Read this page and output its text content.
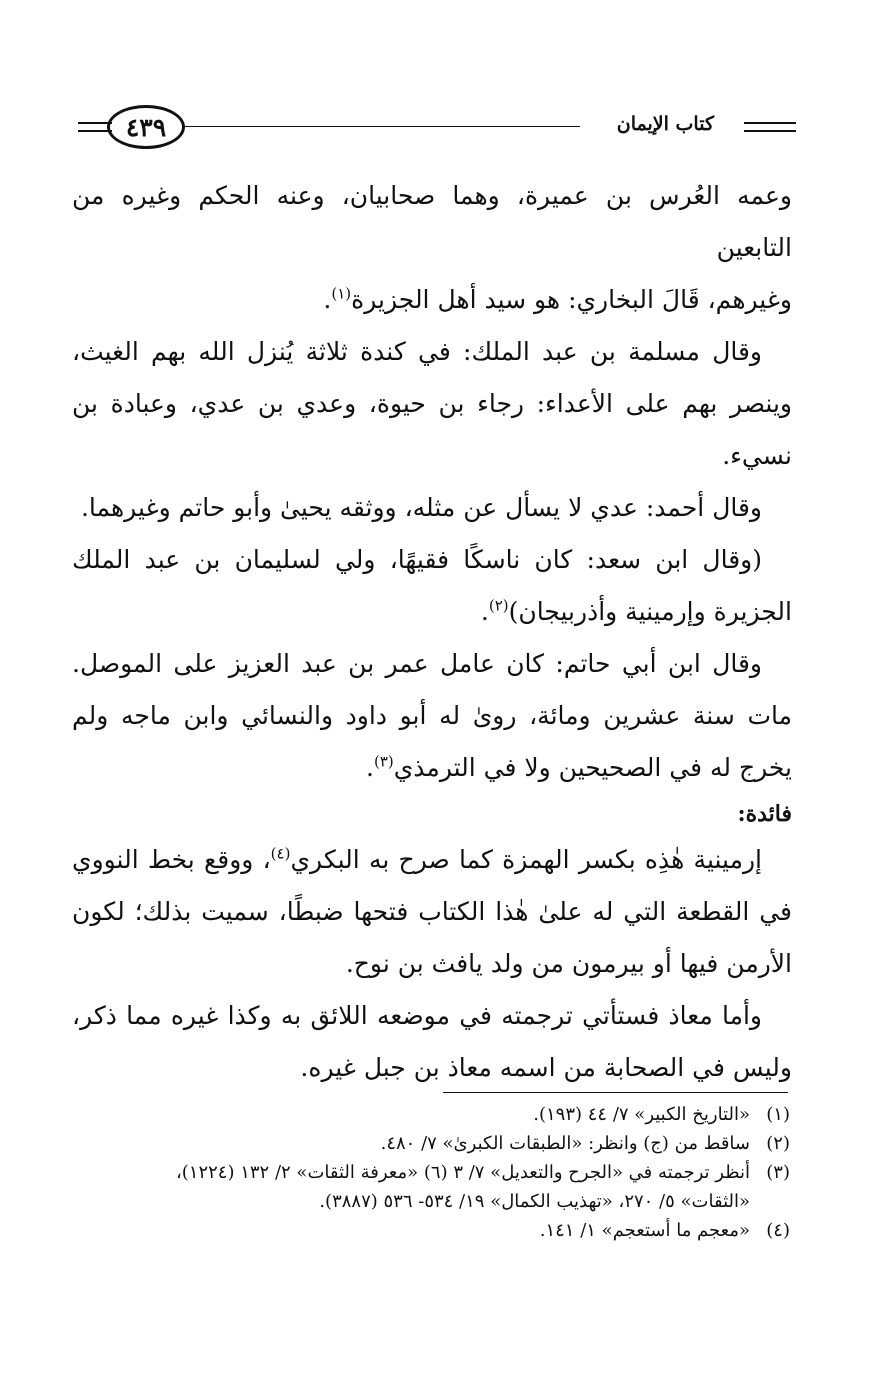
كتاب الإيمان
٤٣٩

وعمه العُرس بن عميرة، وهما صحابيان، وعنه الحكم وغيره من التابعين
وغيرهم، قَالَ البخاري: هو سيد أهل الجزيرة$^{(١)}$.

وقال مسلمة بن عبد الملك: في كندة ثلاثة يُنزل الله بهم الغيث، وينصر بهم على الأعداء: رجاء بن حيوة، وعدي بن عدي، وعبادة بن نسيء.

وقال أحمد: عدي لا يسأل عن مثله، ووثقه يحيىٰ وأبو حاتم وغيرهما.

(وقال ابن سعد: كان ناسكًا فقيهًا، ولي لسليمان بن عبد الملك الجزيرة وإرمينية وأذربيجان)$^{(٢)}$.

وقال ابن أبي حاتم: كان عامل عمر بن عبد العزيز على الموصل. مات سنة عشرين ومائة، روىٰ له أبو داود والنسائي وابن ماجه ولم يخرج له في الصحيحين ولا في الترمذي$^{(٣)}$.

فائدة:

إرمينية هٰذِه بكسر الهمزة كما صرح به البكري$^{(٤)}$، ووقع بخط النووي في القطعة التي له علىٰ هٰذا الكتاب فتحها ضبطًا، سميت بذلك؛ لكون الأرمن فيها أو بيرمون من ولد يافث بن نوح.

وأما معاذ فستأتي ترجمته في موضعه اللائق به وكذا غيره مما ذكر، وليس في الصحابة من اسمه معاذ بن جبل غيره.

(١)
«التاريخ الكبير» ٧/ ٤٤ (١٩٣).
(٢)
ساقط من (ج) وانظر: «الطبقات الكبرىٰ» ٧/ ٤٨٠.
(٣)
أنظر ترجمته في «الجرح والتعديل» ٧/ ٣ (٦) «معرفة الثقات» ٢/ ١٣٢ (١٢٢٤)،
«الثقات» ٥/ ٢٧٠، «تهذيب الكمال» ١٩/ ٥٣٤- ٥٣٦ (٣٨٨٧).
(٤)
«معجم ما أستعجم» ١/ ١٤١.
